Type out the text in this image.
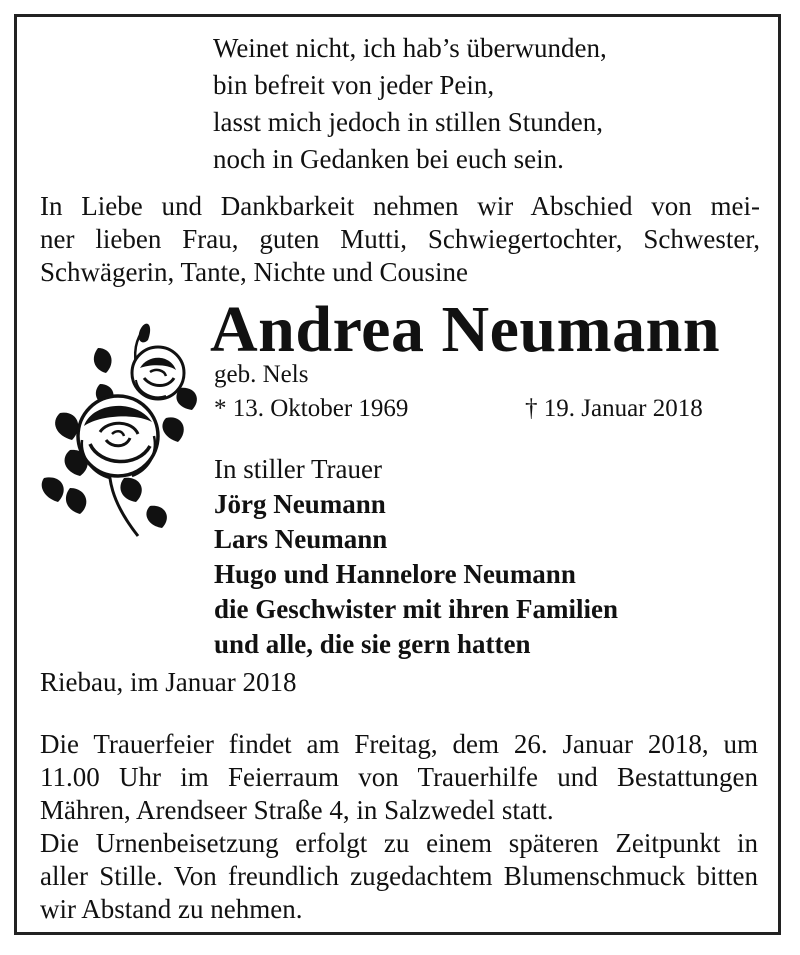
Weinet nicht, ich hab’s überwunden,
bin befreit von jeder Pein,
lasst mich jedoch in stillen Stunden,
noch in Gedanken bei euch sein.
In Liebe und Dankbarkeit nehmen wir Abschied von mei-
ner lieben Frau, guten Mutti, Schwiegertochter, Schwester,
Schwägerin, Tante, Nichte und Cousine
Andrea Neumann
geb. Nels
* 13. Oktober 1969	† 19. Januar 2018
In stiller Trauer
Jörg Neumann
Lars Neumann
Hugo und Hannelore Neumann
die Geschwister mit ihren Familien
und alle, die sie gern hatten
Riebau, im Januar 2018
Die Trauerfeier findet am Freitag, dem 26. Januar 2018, um
11.00 Uhr im Feierraum von Trauerhilfe und Bestattungen
Mähren, Arendseer Straße 4, in Salzwedel statt.
Die Urnenbeisetzung erfolgt zu einem späteren Zeitpunkt in
aller Stille. Von freundlich zugedachtem Blumenschmuck bitten
wir Abstand zu nehmen.
